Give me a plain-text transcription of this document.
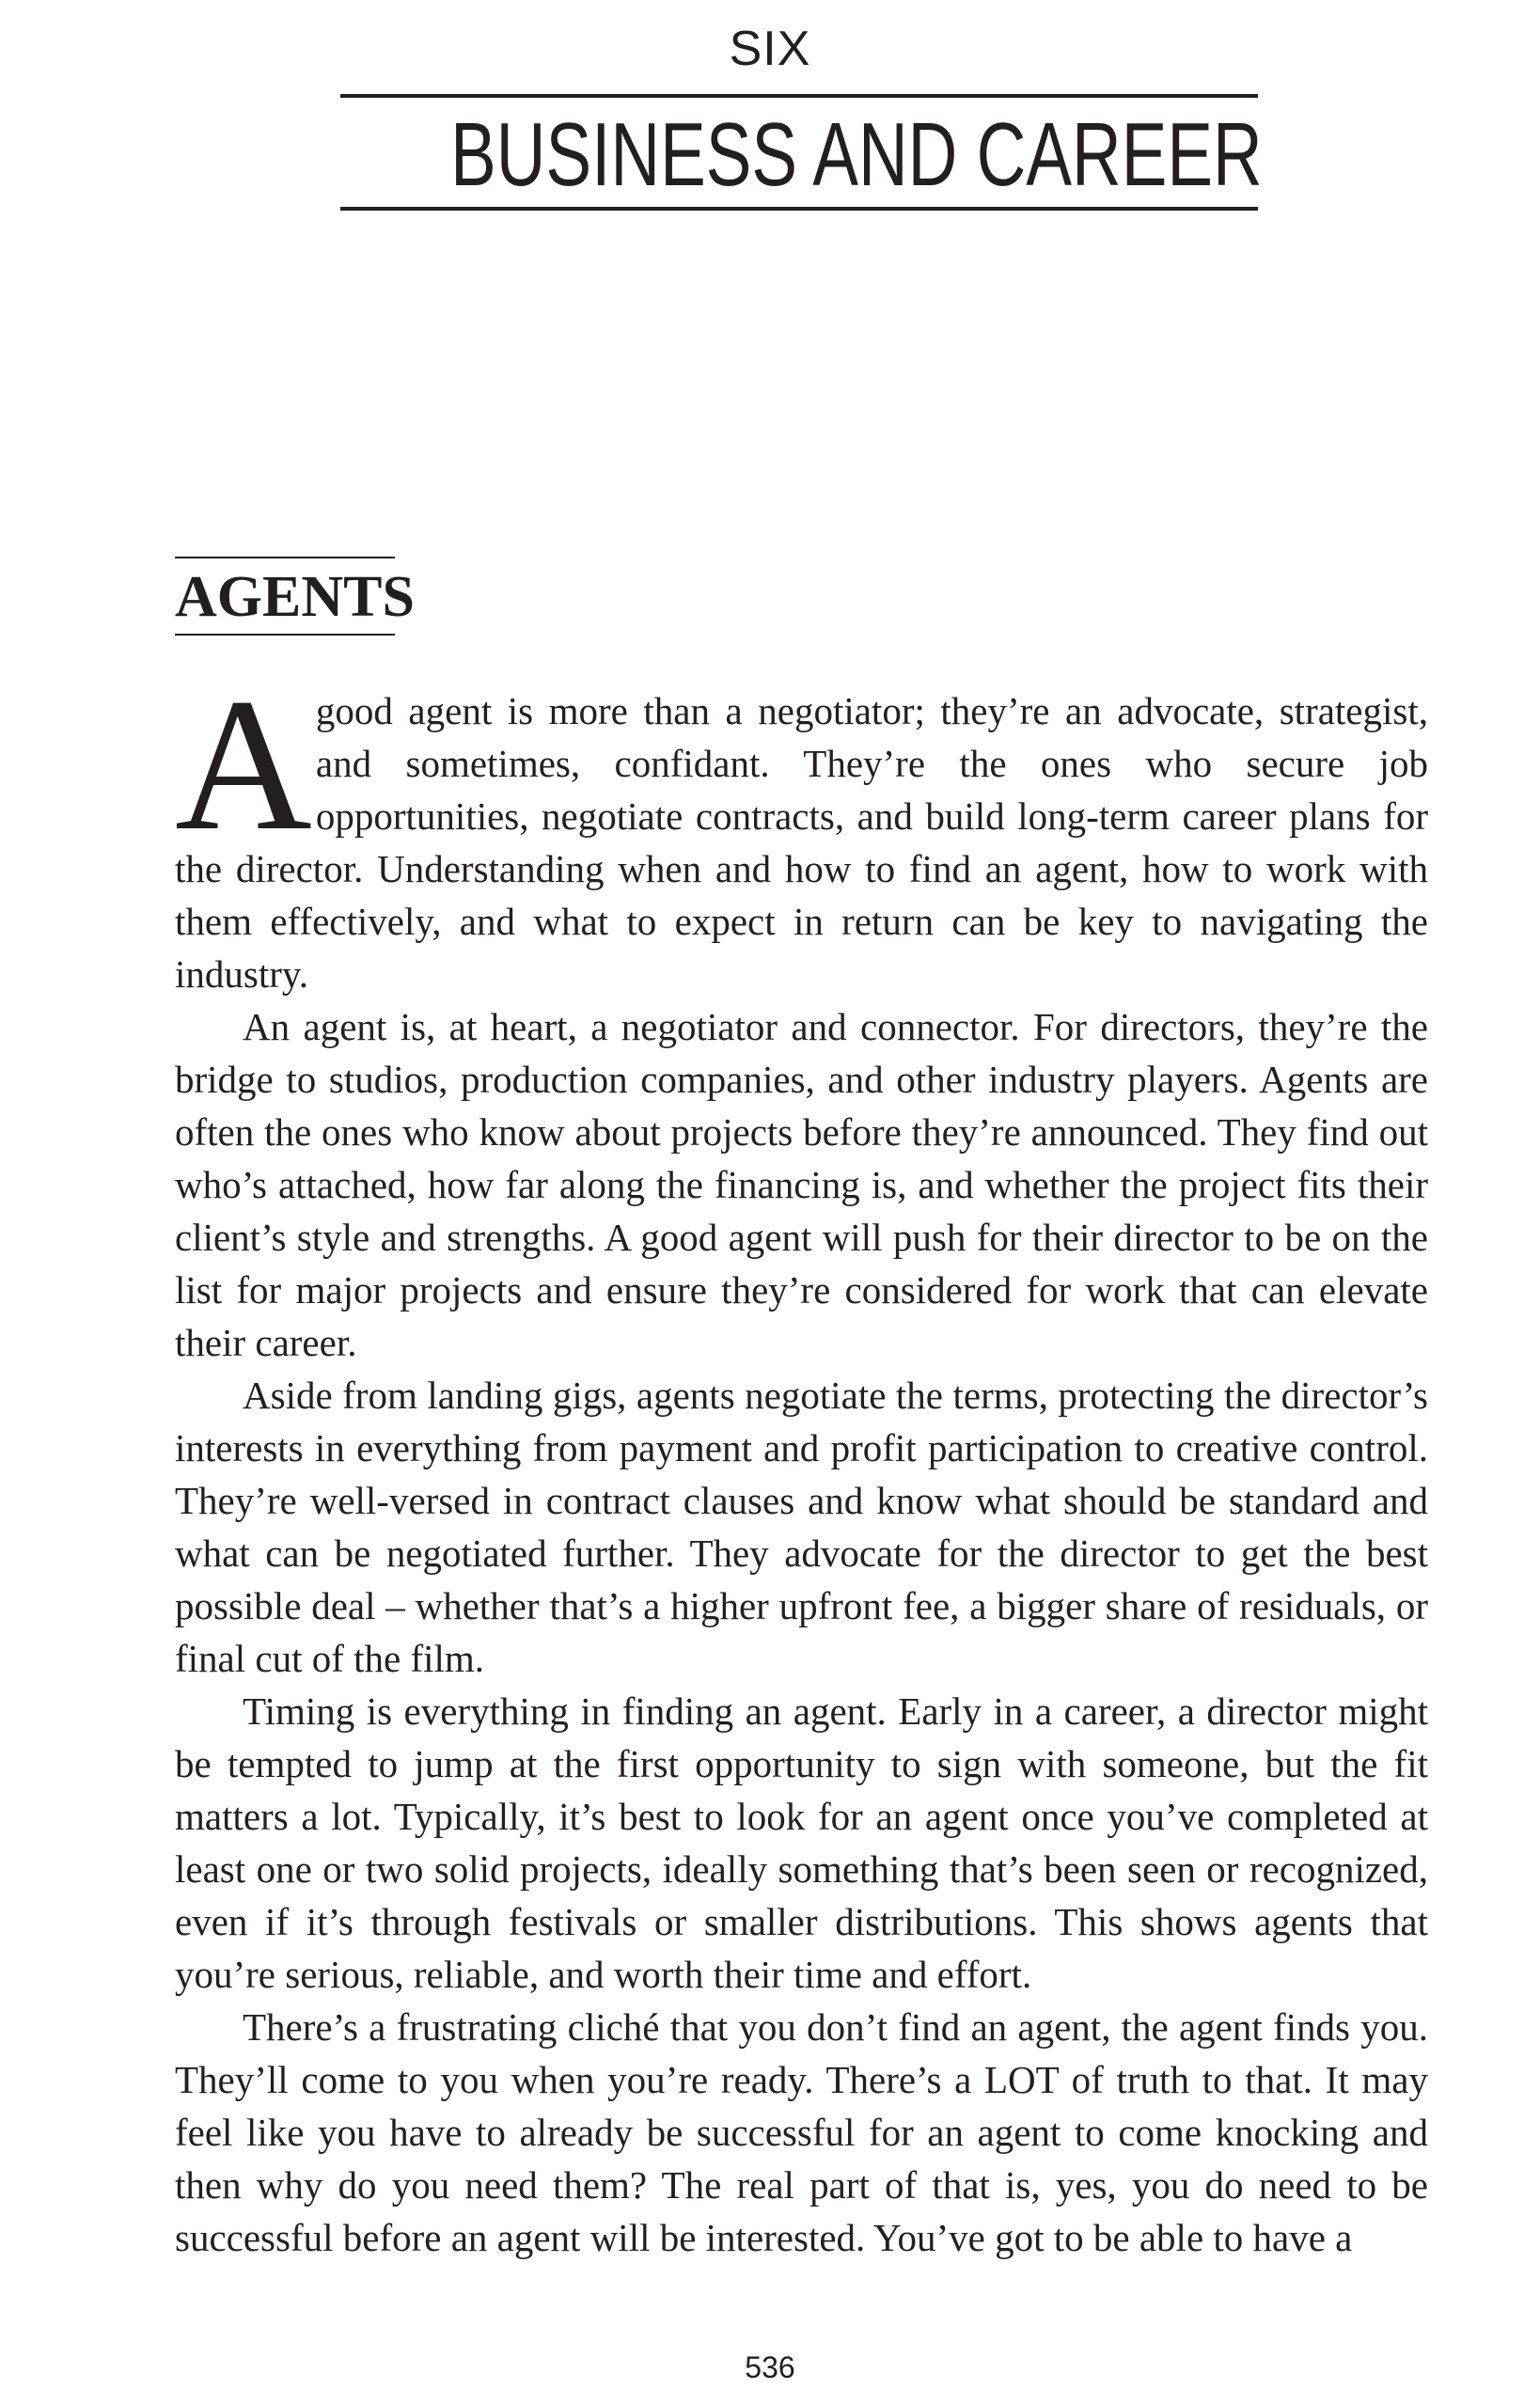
SIX
BUSINESS AND CAREER
AGENTS

Agood agent is more than a negotiator; they’re an advocate, strategist, and sometimes, confidant. They’re the ones who secure job opportunities, negotiate contracts, and build long-term career plans for the director. Understanding when and how to find an agent, how to work with them effectively, and what to expect in return can be key to navigating the industry.

An agent is, at heart, a negotiator and connector. For directors, they’re the bridge to studios, production companies, and other industry players. Agents are often the ones who know about projects before they’re announced. They find out who’s attached, how far along the financing is, and whether the project fits their client’s style and strengths. A good agent will push for their director to be on the list for major projects and ensure they’re considered for work that can elevate their career.

Aside from landing gigs, agents negotiate the terms, protecting the director’s interests in everything from payment and profit participation to creative control. They’re well-versed in contract clauses and know what should be standard and what can be negotiated further. They advocate for the director to get the best possible deal – whether that’s a higher upfront fee, a bigger share of residuals, or final cut of the film.

Timing is everything in finding an agent. Early in a career, a director might be tempted to jump at the first opportunity to sign with someone, but the fit matters a lot. Typically, it’s best to look for an agent once you’ve completed at least one or two solid projects, ideally something that’s been seen or recognized, even if it’s through festivals or smaller distributions. This shows agents that you’re serious, reliable, and worth their time and effort.

There’s a frustrating cliché that you don’t find an agent, the agent finds you. They’ll come to you when you’re ready. There’s a LOT of truth to that. It may feel like you have to already be successful for an agent to come knocking and then why do you need them? The real part of that is, yes, you do need to be successful before an agent will be interested. You’ve got to be able to have a

536
